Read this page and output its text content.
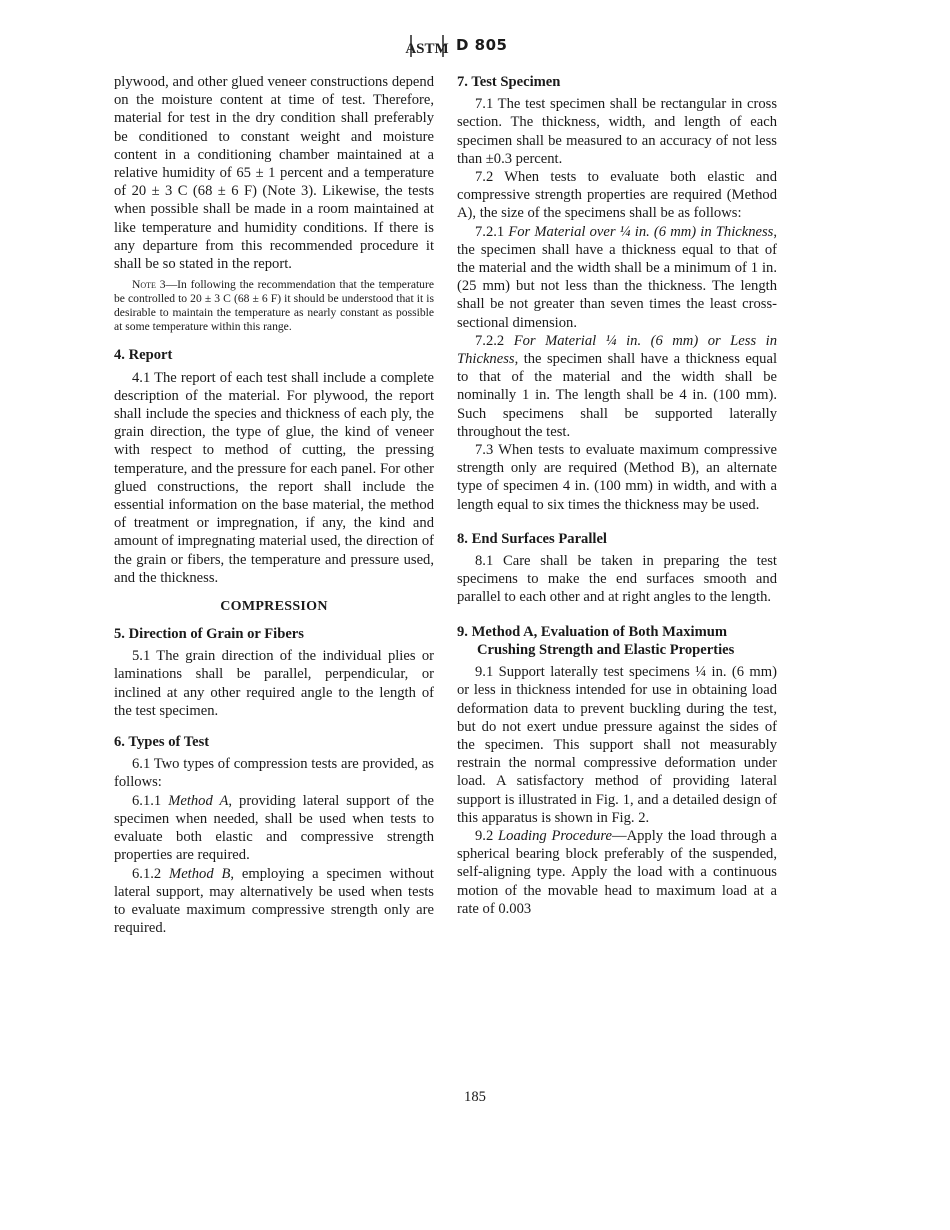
ASTM D 805

plywood, and other glued veneer constructions depend on the moisture content at time of test. Therefore, material for test in the dry condition shall preferably be conditioned to constant weight and moisture content in a conditioning chamber maintained at a relative humidity of 65 ± 1 percent and a temperature of 20 ± 3 C (68 ± 6 F) (Note 3). Likewise, the tests when possible shall be made in a room maintained at like temperature and humidity conditions. If there is any departure from this recommended procedure it shall be so stated in the report.

Note 3—In following the recommendation that the temperature be controlled to 20 ± 3 C (68 ± 6 F) it should be understood that it is desirable to maintain the temperature as nearly constant as possible at some temperature within this range.
4. Report

4.1 The report of each test shall include a complete description of the material. For plywood, the report shall include the species and thickness of each ply, the grain direction, the type of glue, the kind of veneer with respect to method of cutting, the pressing temperature, and the pressure for each panel. For other glued constructions, the report shall include the essential information on the base material, the method of treatment or impregnation, if any, the kind and amount of impregnating material used, the direction of the grain or fibers, the temperature and pressure used, and the thickness.

COMPRESSION
5. Direction of Grain or Fibers

5.1 The grain direction of the individual plies or laminations shall be parallel, perpendicular, or inclined at any other required angle to the length of the test specimen.

6. Types of Test

6.1 Two types of compression tests are provided, as follows:

6.1.1 Method A, providing lateral support of the specimen when needed, shall be used when tests to evaluate both elastic and compressive strength properties are required.

6.1.2 Method B, employing a specimen without lateral support, may alternatively be used when tests to evaluate maximum compressive strength only are required.

7. Test Specimen

7.1 The test specimen shall be rectangular in cross section. The thickness, width, and length of each specimen shall be measured to an accuracy of not less than ±0.3 percent.

7.2 When tests to evaluate both elastic and compressive strength properties are required (Method A), the size of the specimens shall be as follows:

7.2.1 For Material over ¼ in. (6 mm) in Thickness, the specimen shall have a thickness equal to that of the material and the width shall be a minimum of 1 in. (25 mm) but not less than the thickness. The length shall be not greater than seven times the least cross-sectional dimension.

7.2.2 For Material ¼ in. (6 mm) or Less in Thickness, the specimen shall have a thickness equal to that of the material and the width shall be nominally 1 in. The length shall be 4 in. (100 mm). Such specimens shall be supported laterally throughout the test.

7.3 When tests to evaluate maximum compressive strength only are required (Method B), an alternate type of specimen 4 in. (100 mm) in width, and with a length equal to six times the thickness may be used.

8. End Surfaces Parallel

8.1 Care shall be taken in preparing the test specimens to make the end surfaces smooth and parallel to each other and at right angles to the length.

9. Method A, Evaluation of Both Maximum Crushing Strength and Elastic Properties

9.1 Support laterally test specimens ¼ in. (6 mm) or less in thickness intended for use in obtaining load deformation data to prevent buckling during the test, but do not exert undue pressure against the sides of the specimen. This support shall not measurably restrain the normal compressive deformation under load. A satisfactory method of providing lateral support is illustrated in Fig. 1, and a detailed design of this apparatus is shown in Fig. 2.

9.2 Loading Procedure—Apply the load through a spherical bearing block preferably of the suspended, self-aligning type. Apply the load with a continuous motion of the movable head to maximum load at a rate of 0.003

185
